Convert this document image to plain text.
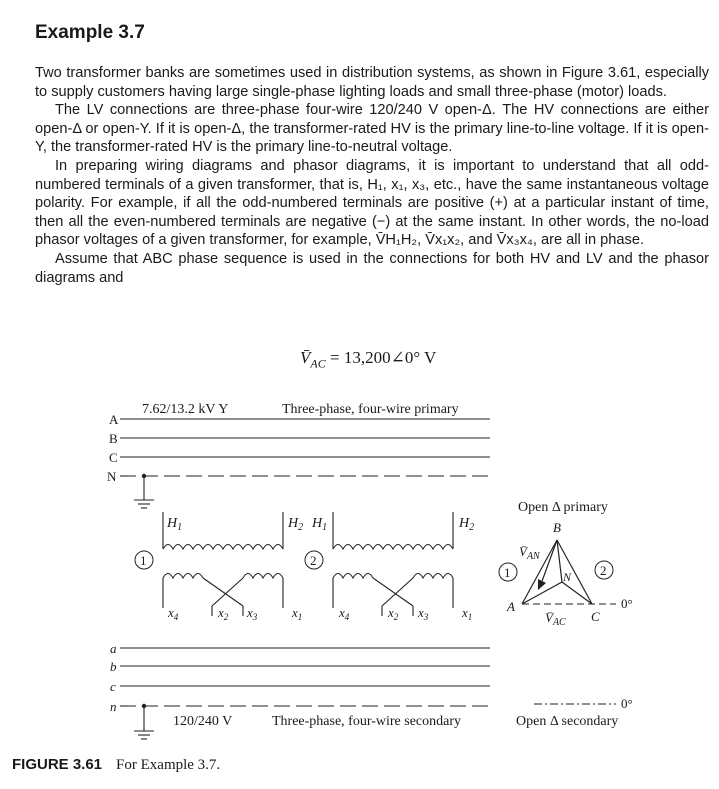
Example 3.7

Two transformer banks are sometimes used in distribution systems, as shown in Figure 3.61, especially to supply customers having large single-phase lighting loads and small three-phase (motor) loads.

The LV connections are three-phase four-wire 120/240 V open-Δ. The HV connections are either open-Δ or open-Y. If it is open-Δ, the transformer-rated HV is the primary line-to-line voltage. If it is open-Y, the transformer-rated HV is the primary line-to-neutral voltage.

In preparing wiring diagrams and phasor diagrams, it is important to understand that all odd-numbered terminals of a given transformer, that is, H₁, x₁, x₃, etc., have the same instantaneous voltage polarity. For example, if all the odd-numbered terminals are positive (+) at a particular instant of time, then all the even-numbered terminals are negative (−) at the same instant. In other words, the no-load phasor voltages of a given transformer, for example, V̄H₁H₂, V̄x₁x₂, and V̄x₃x₄, are all in phase.

Assume that ABC phase sequence is used in the connections for both HV and LV and the phasor diagrams and

$V̄_{AC}$ = 13,200∠0° V
7.62/13.2 kV Y	Three-phase, four-wire primary
A
B
C
N
$H_1$	$H_2$
1
$x_4$	$x_2$ $x_3$	$x_1$
$H_1$	$H_2$
2
$x_4$	$x_2$ $x_3$	$x_1$
a
b
c
n
120/240 V	Three-phase, four-wire secondary
Open Δ primary
B
$V̄_{AN}$
N
A
C
$V̄_{AC}$
0°
1	2
0°
Open Δ secondary
FIGURE 3.61 For Example 3.7.
